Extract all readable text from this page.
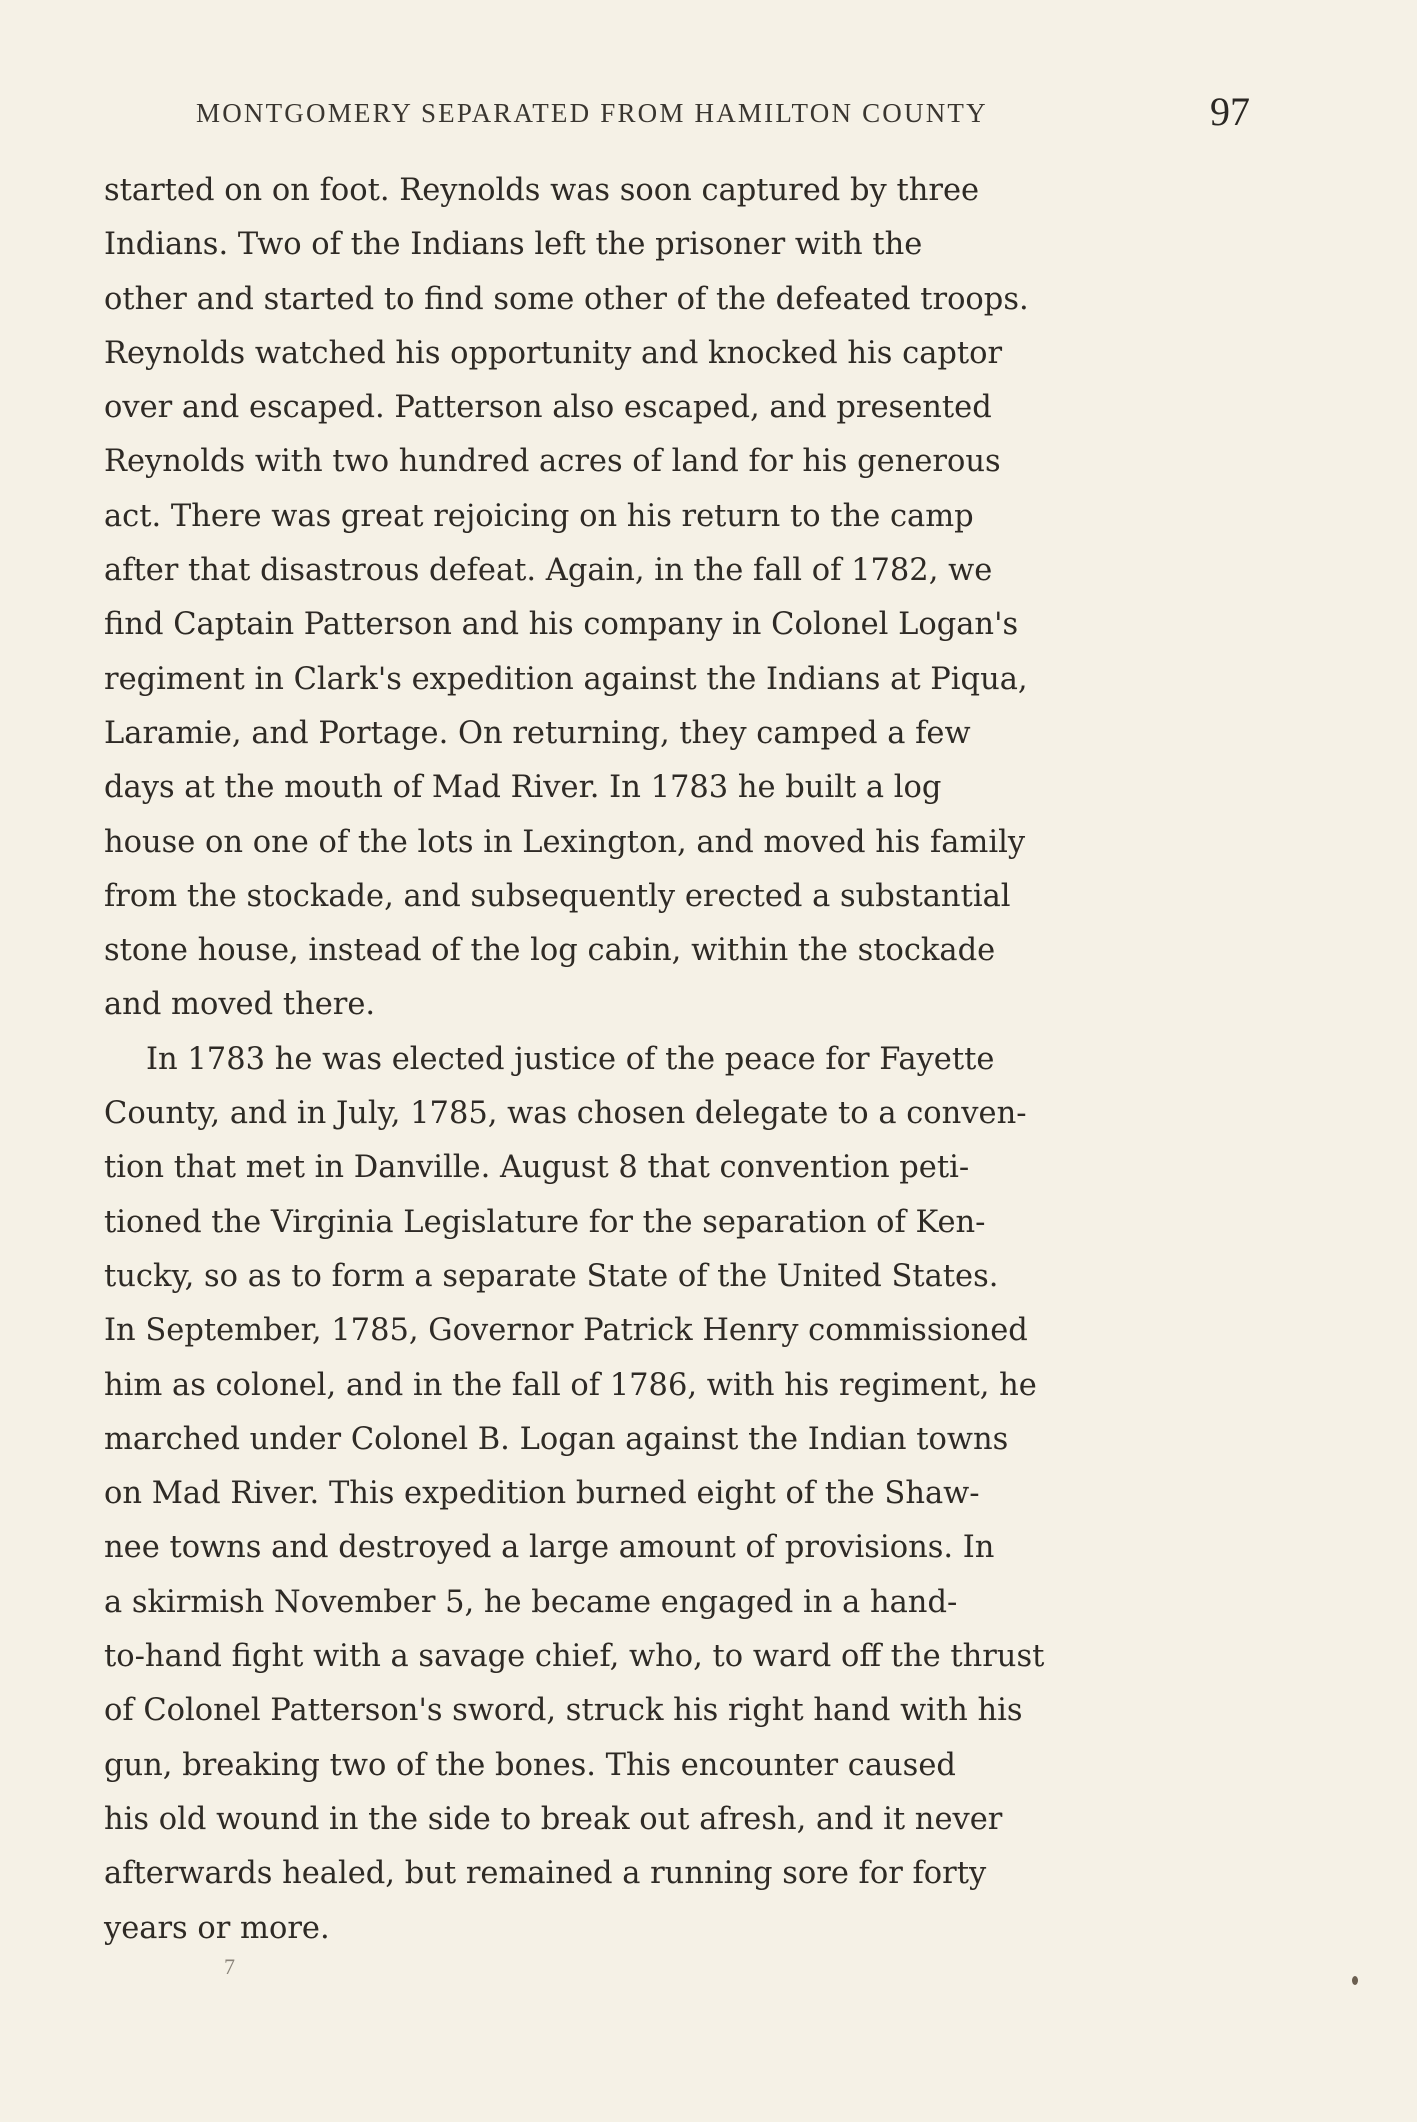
MONTGOMERY SEPARATED FROM HAMILTON COUNTY	97
started on on foot. Reynolds was soon captured by three
Indians. Two of the Indians left the prisoner with the
other and started to find some other of the defeated troops.
Reynolds watched his opportunity and knocked his captor
over and escaped. Patterson also escaped, and presented
Reynolds with two hundred acres of land for his generous
act. There was great rejoicing on his return to the camp
after that disastrous defeat. Again, in the fall of 1782, we
find Captain Patterson and his company in Colonel Logan's
regiment in Clark's expedition against the Indians at Piqua,
Laramie, and Portage. On returning, they camped a few
days at the mouth of Mad River. In 1783 he built a log
house on one of the lots in Lexington, and moved his family
from the stockade, and subsequently erected a substantial
stone house, instead of the log cabin, within the stockade
and moved there.
In 1783 he was elected justice of the peace for Fayette
County, and in July, 1785, was chosen delegate to a conven-
tion that met in Danville. August 8 that convention peti-
tioned the Virginia Legislature for the separation of Ken-
tucky, so as to form a separate State of the United States.
In September, 1785, Governor Patrick Henry commissioned
him as colonel, and in the fall of 1786, with his regiment, he
marched under Colonel B. Logan against the Indian towns
on Mad River. This expedition burned eight of the Shaw-
nee towns and destroyed a large amount of provisions. In
a skirmish November 5, he became engaged in a hand-
to-hand fight with a savage chief, who, to ward off the thrust
of Colonel Patterson's sword, struck his right hand with his
gun, breaking two of the bones. This encounter caused
his old wound in the side to break out afresh, and it never
afterwards healed, but remained a running sore for forty
years or more.
7
